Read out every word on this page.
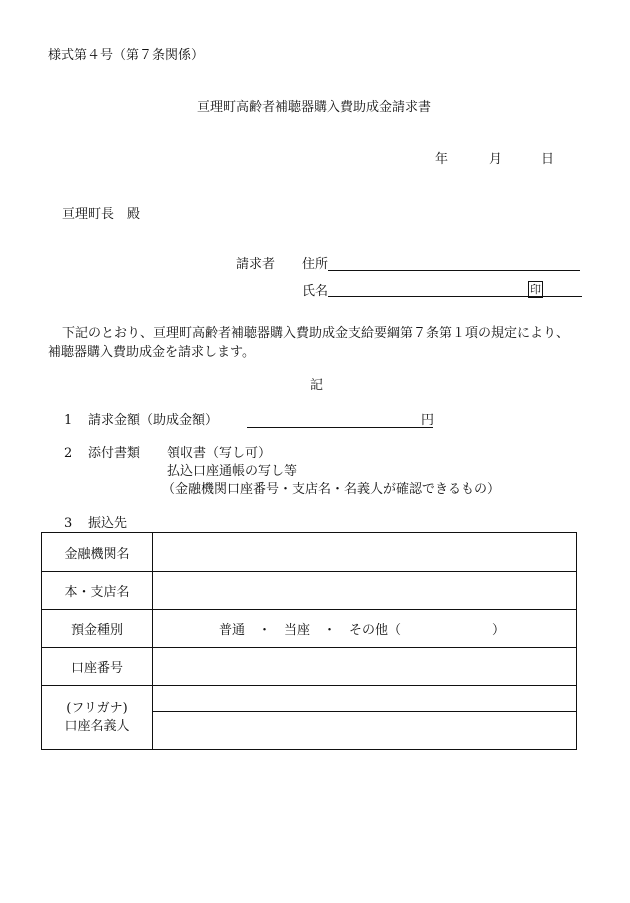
様式第４号（第７条関係）
亘理町高齢者補聴器購入費助成金請求書
年	月	日
亘理町長　殿
請求者 住所
氏名	印
下記のとおり、亘理町高齢者補聴器購入費助成金支給要綱第７条第１項の規定により、
補聴器購入費助成金を請求します。
記
1 請求金額（助成金額）	円
2 添付書類 領収書（写し可）
払込口座通帳の写し等
（金融機関口座番号・支店名・名義人が確認できるもの）
3 振込先
金融機関名	
本・支店名	
預金種別	普通　・　当座　・　その他（　　　　　　　）
口座番号	

(フリガナ)
口座名義人	
